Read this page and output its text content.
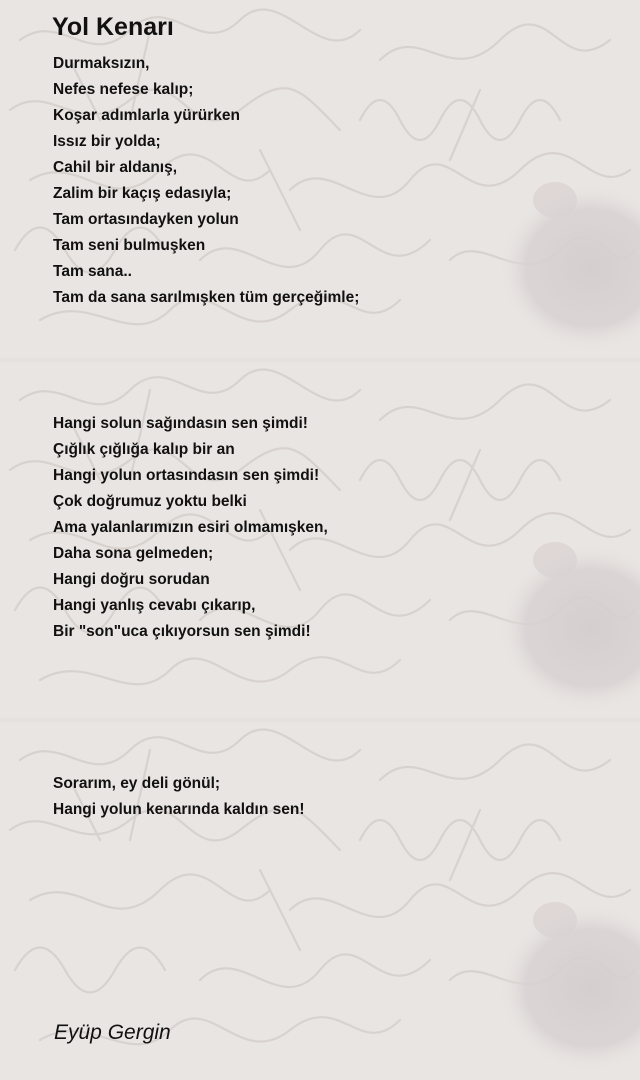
Yol Kenarı
Durmaksızın,
Nefes nefese kalıp;
Koşar adımlarla yürürken
Issız bir yolda;
Cahil bir aldanış,
Zalim bir kaçış edasıyla;
Tam ortasındayken yolun
Tam seni bulmuşken
Tam sana..
Tam da sana sarılmışken tüm gerçeğimle;
Hangi solun sağındasın sen şimdi!
Çığlık çığlığa kalıp bir an
Hangi yolun ortasındasın sen şimdi!
Çok doğrumuz yoktu belki
Ama yalanlarımızın esiri olmamışken,
Daha sona gelmeden;
Hangi doğru sorudan
Hangi yanlış cevabı çıkarıp,
Bir "son"uca çıkıyorsun sen şimdi!
Sorarım, ey deli gönül;
Hangi yolun kenarında kaldın sen!
Eyüp Gergin
